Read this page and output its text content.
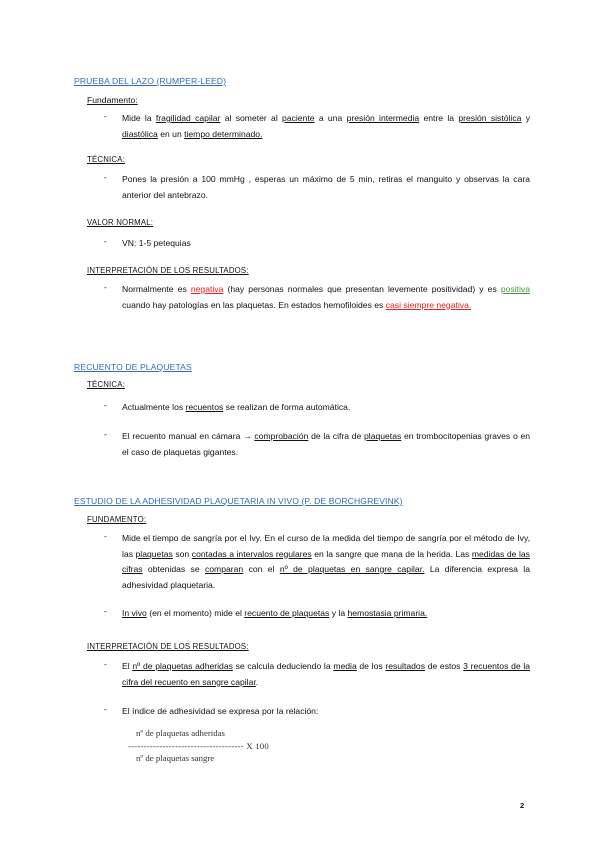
PRUEBA DEL LAZO (RUMPER-LEED)
Fundamento:
- Mide la fragilidad capilar al someter al paciente a una presión intermedia entre la presión sistólica y diastólica en un tiempo determinado.
TÉCNICA:
- Pones la presión a 100 mmHg , esperas un máximo de 5 min, retiras el manguito y observas la cara anterior del antebrazo.
VALOR NORMAL:
- VN: 1-5 petequias
INTERPRETACIÓN DE LOS RESULTADOS:
- Normalmente es negativa (hay personas normales que presentan levemente positividad) y es positiva cuando hay patologías en las plaquetas. En estados hemofiloides es casi siempre negativa.
RECUENTO DE PLAQUETAS
TÉCNICA:
- Actualmente los recuentos se realizan de forma automática.
- El recuento manual en cámara → comprobación de la cifra de plaquetas en trombocitopenias graves o en el caso de plaquetas gigantes.
ESTUDIO DE LA ADHESIVIDAD PLAQUETARIA IN VIVO (P. DE BORCHGREVINK)
FUNDAMENTO:
- Mide el tiempo de sangría por el Ivy. En el curso de la medida del tiempo de sangría por el método de Ivy, las plaquetas son contadas a intervalos regulares en la sangre que mana de la herida. Las medidas de las cifras obtenidas se comparan con el nº de plaquetas en sangre capilar. La diferencia expresa la adhesividad plaquetaria.
- In vivo (en el momento) mide el recuento de plaquetas y la hemostasia primaria.
INTERPRETACIÓN DE LOS RESULTADOS:
- El nº de plaquetas adheridas se calcula deduciendo la media de los resultados de estos 3 recuentos de la cifra del recuento en sangre capilar.
- El índice de adhesividad se expresa por la relación:
nº de plaquetas adheridas
------------------------------------- X 100
nº de plaquetas sangre
2
